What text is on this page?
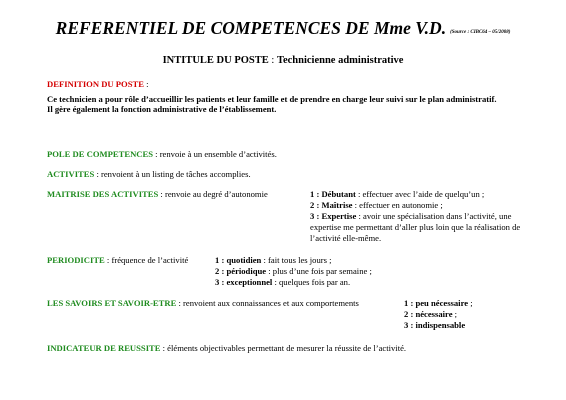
REFERENTIEL DE COMPETENCES DE Mme V.D. (Source : CIBC64 – 05/2008)
INTITULE DU POSTE : Technicienne administrative
DEFINITION DU POSTE :
Ce technicien a pour rôle d’accueillir les patients et leur famille et de prendre en charge leur suivi sur le plan administratif.
Il gère également la fonction administrative de l’établissement.
POLE DE COMPETENCES : renvoie à un ensemble d’activités.
ACTIVITES : renvoient à un listing de tâches accomplies.
MAITRISE DES ACTIVITES : renvoie au degré d’autonomie	1 : Débutant : effectuer avec l’aide de quelqu’un ;
2 : Maîtrise : effectuer en autonomie ;
3 : Expertise : avoir une spécialisation dans l’activité, une
expertise me permettant d’aller plus loin que la réalisation de
l’activité elle-même.
PERIODICITE : fréquence de l’activité	1 : quotidien : fait tous les jours ;
2 : périodique : plus d’une fois par semaine ;
3 : exceptionnel : quelques fois par an.
LES SAVOIRS ET SAVOIR-ETRE : renvoient aux connaissances et aux comportements	1 : peu nécessaire ;
2 : nécessaire ;
3 : indispensable
INDICATEUR DE REUSSITE : éléments objectivables permettant de mesurer la réussite de l’activité.
